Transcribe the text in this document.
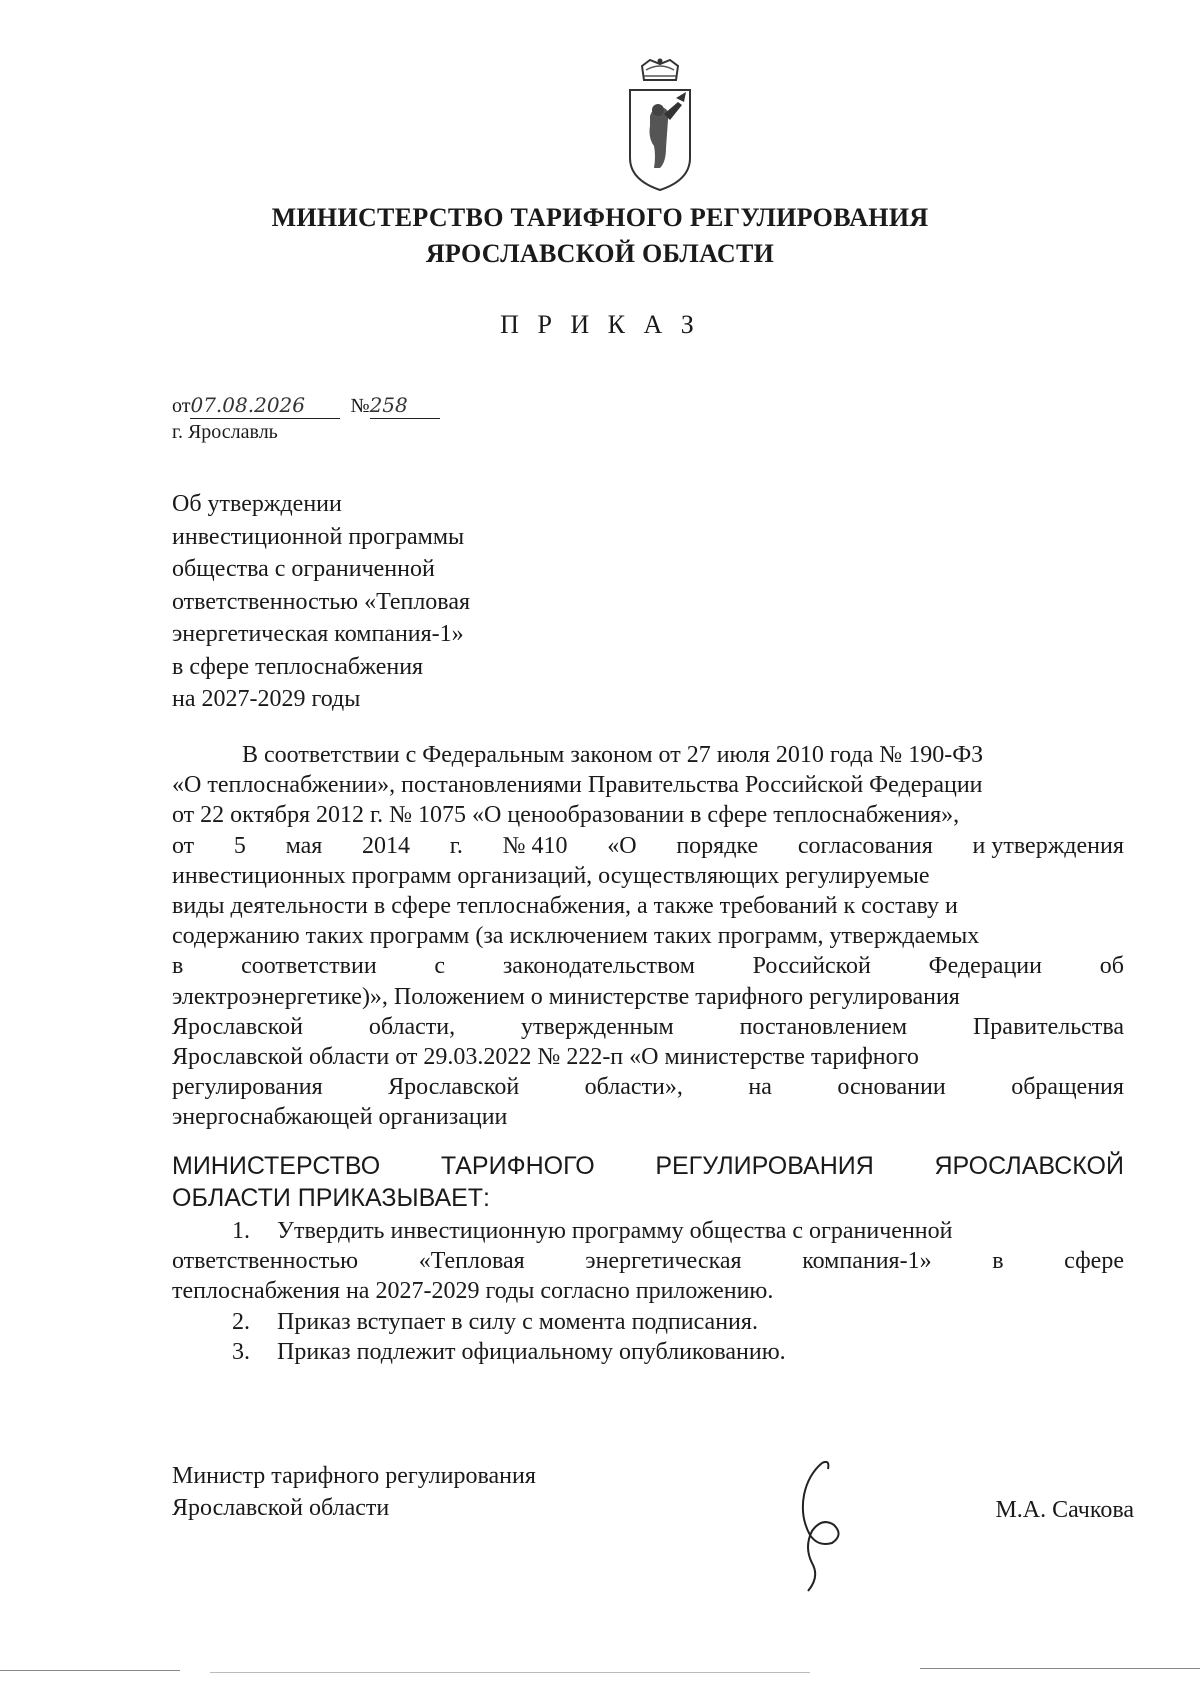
МИНИСТЕРСТВО ТАРИФНОГО РЕГУЛИРОВАНИЯ
ЯРОСЛАВСКОЙ ОБЛАСТИ
П Р И К А З
от07.08.2026 №258
г. Ярославль
Об утверждении
инвестиционной программы
общества с ограниченной
ответственностью «Тепловая
энергетическая компания-1»
в сфере теплоснабжения
на 2027-2029 годы
В соответствии с Федеральным законом от 27 июля 2010 года № 190-ФЗ
«О теплоснабжении», постановлениями Правительства Российской Федерации
от 22 октября 2012 г. № 1075 «О ценообразовании в сфере теплоснабжения»,
от 5 мая 2014 г. № 410 «О порядке согласования и утверждения
инвестиционных программ организаций, осуществляющих регулируемые
виды деятельности в сфере теплоснабжения, а также требований к составу и
содержанию таких программ (за исключением таких программ, утверждаемых
в соответствии с законодательством Российской Федерации об
электроэнергетике)», Положением о министерстве тарифного регулирования
Ярославской	области,	утвержденным	постановлением	Правительства
Ярославской области от 29.03.2022 № 222-п «О министерстве тарифного
регулирования	Ярославской	области»,	на	основании	обращения
энергоснабжающей организации
МИНИСТЕРСТВО ТАРИФНОГО РЕГУЛИРОВАНИЯ ЯРОСЛАВСКОЙ
ОБЛАСТИ ПРИКАЗЫВАЕТ:
1. Утвердить инвестиционную программу общества с ограниченной
ответственностью	«Тепловая	энергетическая	компания-1»	в	сфере
теплоснабжения на 2027-2029 годы согласно приложению.
2. Приказ вступает в силу с момента подписания.
3. Приказ подлежит официальному опубликованию.
Министр тарифного регулирования
Ярославской области	М.А. Сачкова
